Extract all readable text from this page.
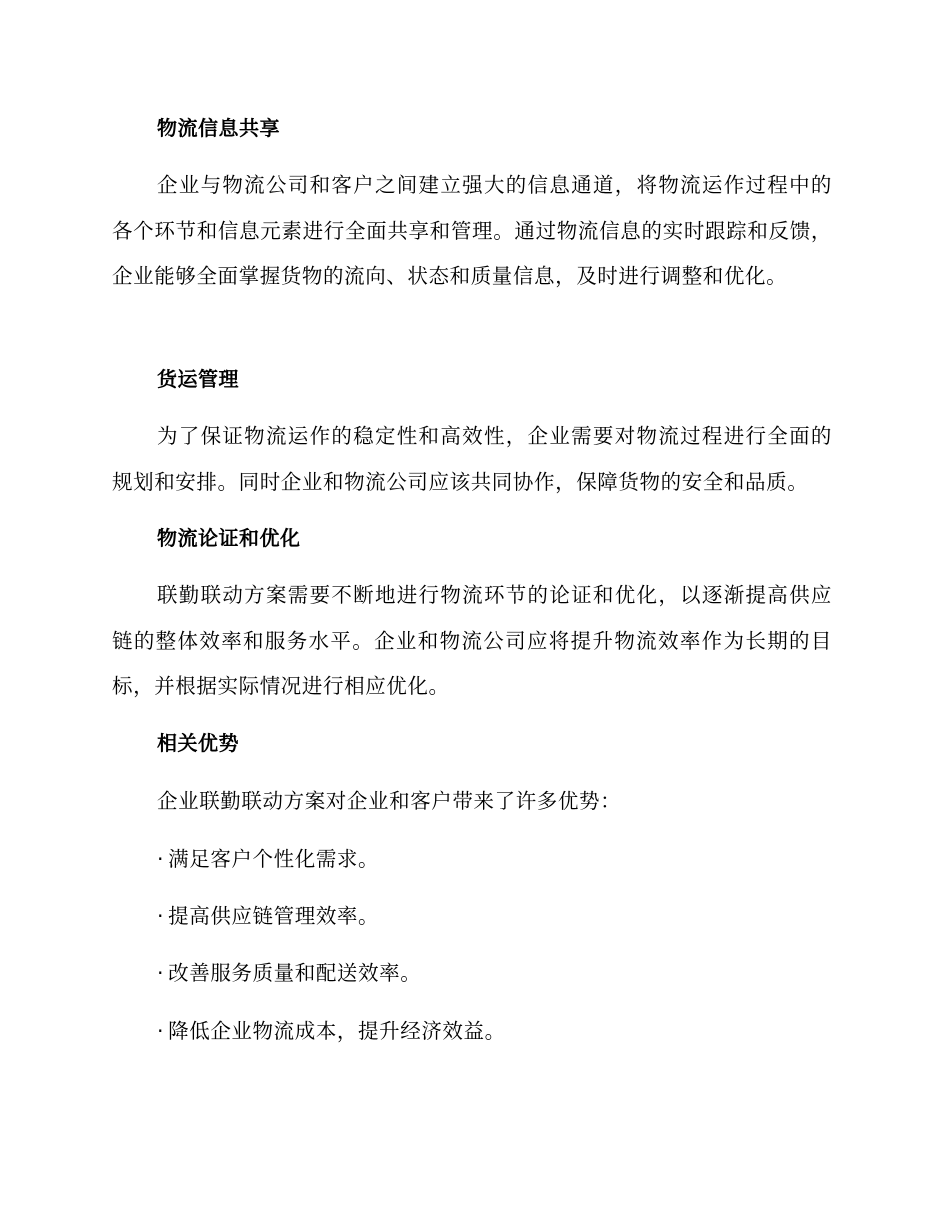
物流信息共享
企业与物流公司和客户之间建立强大的信息通道，将物流运作过程中的各个环节和信息元素进行全面共享和管理。通过物流信息的实时跟踪和反馈，企业能够全面掌握货物的流向、状态和质量信息，及时进行调整和优化。
货运管理
为了保证物流运作的稳定性和高效性，企业需要对物流过程进行全面的规划和安排。同时企业和物流公司应该共同协作，保障货物的安全和品质。
物流论证和优化
联勤联动方案需要不断地进行物流环节的论证和优化，以逐渐提高供应链的整体效率和服务水平。企业和物流公司应将提升物流效率作为长期的目标，并根据实际情况进行相应优化。
相关优势
企业联勤联动方案对企业和客户带来了许多优势：
· 满足客户个性化需求。
· 提高供应链管理效率。
· 改善服务质量和配送效率。
· 降低企业物流成本，提升经济效益。
